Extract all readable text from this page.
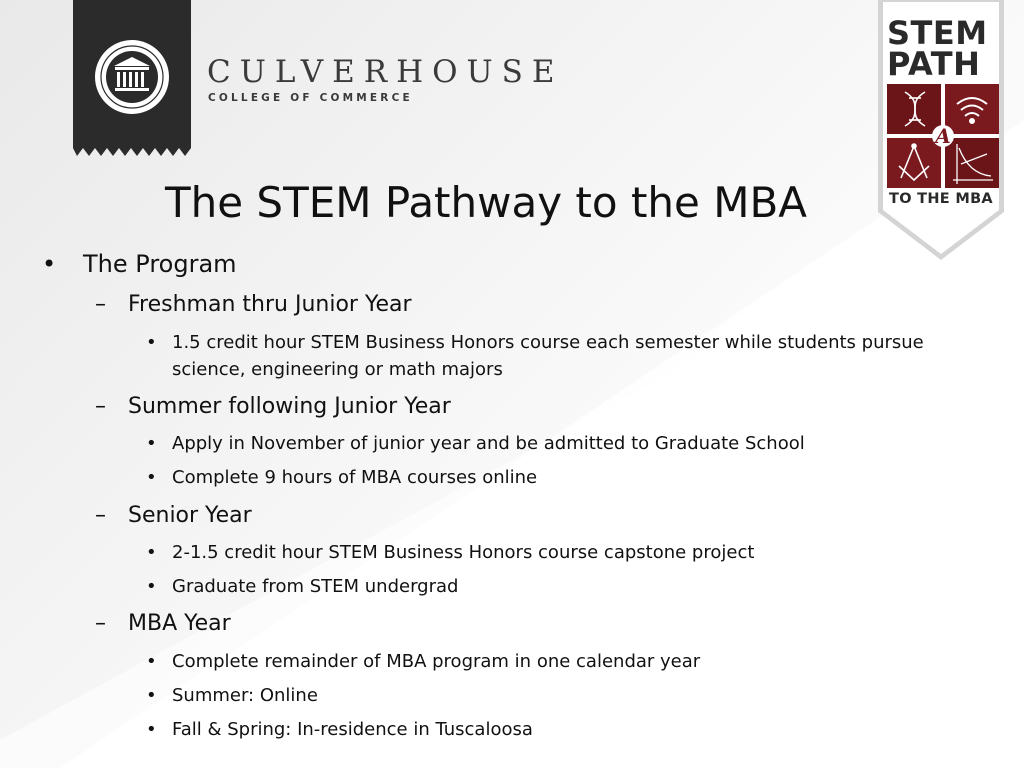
CULVERHOUSE
COLLEGE OF COMMERCE
STEM
PATH
A
TO THE MBA
The STEM Pathway to the MBA
• The Program
– Freshman thru Junior Year
• 1.5 credit hour STEM Business Honors course each semester while students pursue
science, engineering or math majors
– Summer following Junior Year
• Apply in November of junior year and be admitted to Graduate School
• Complete 9 hours of MBA courses online
– Senior Year
• 2-1.5 credit hour STEM Business Honors course capstone project
• Graduate from STEM undergrad
– MBA Year
• Complete remainder of MBA program in one calendar year
• Summer: Online
• Fall & Spring: In-residence in Tuscaloosa
